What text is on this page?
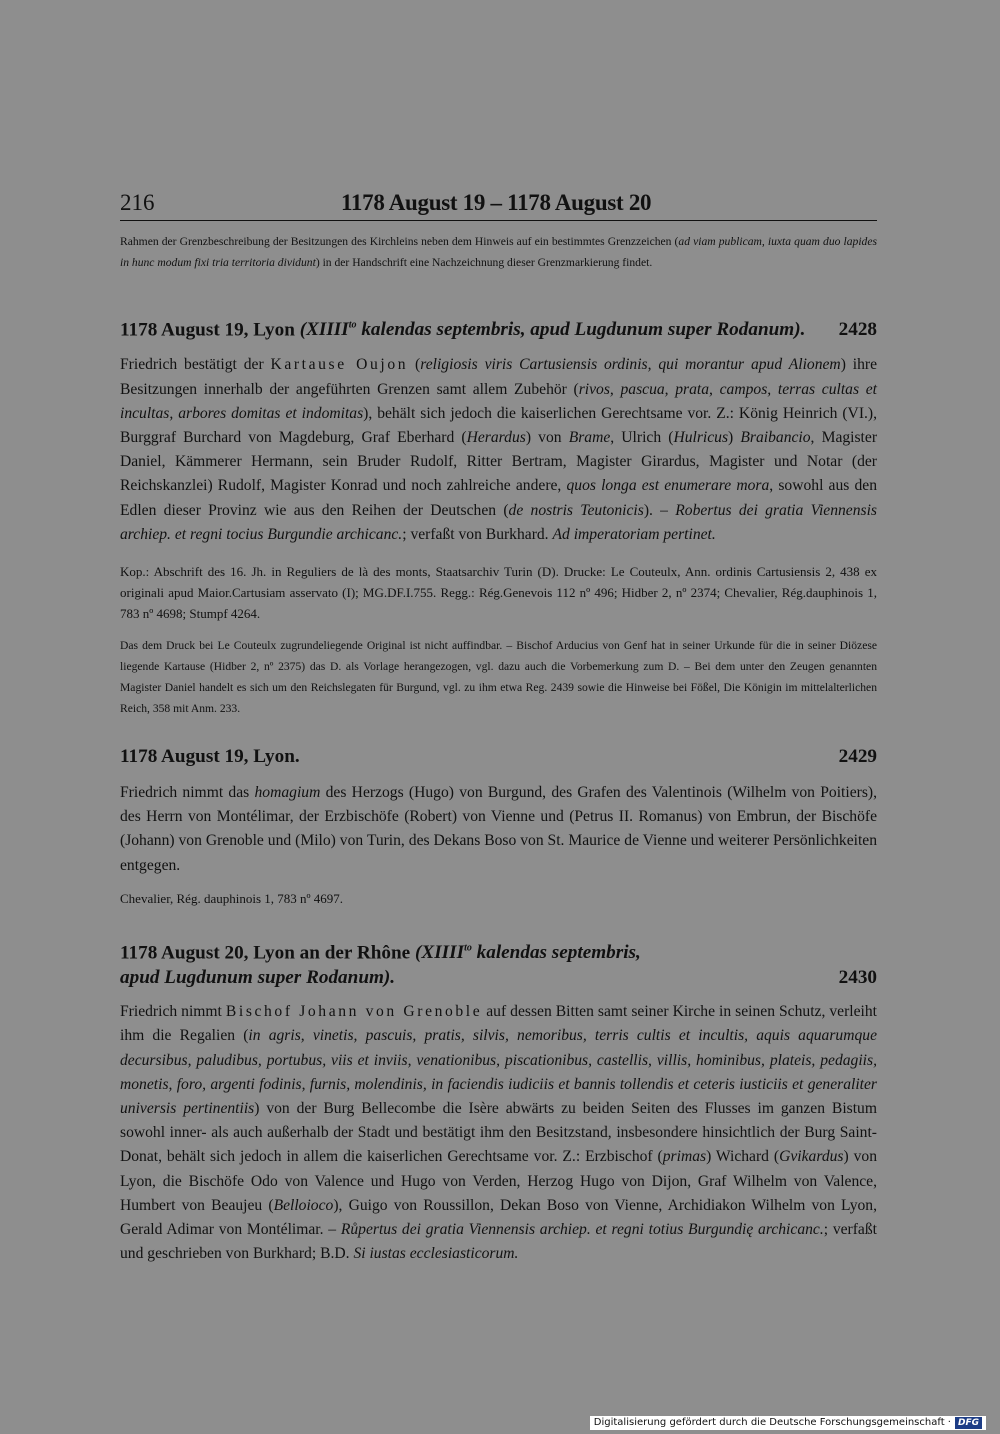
216	1178 August 19 – 1178 August 20

Rahmen der Grenzbeschreibung der Besitzungen des Kirchleins neben dem Hinweis auf ein bestimmtes Grenzzeichen (ad viam publicam, iuxta quam duo lapides in hunc modum fixi tria territoria dividunt) in der Handschrift eine Nachzeichnung dieser Grenzmarkierung findet.

1178 August 19, Lyon ($XIIII^{to}$ kalendas septembris, apud Lugdunum super Rodanum). 2428

Friedrich bestätigt der Kartause Oujon (religiosis viris Cartusiensis ordinis, qui morantur apud Alionem) ihre Besitzungen innerhalb der angeführten Grenzen samt allem Zubehör (rivos, pascua, prata, campos, terras cultas et incultas, arbores domitas et indomitas), behält sich jedoch die kaiserlichen Gerechtsame vor. Z.: König Heinrich (VI.), Burggraf Burchard von Magdeburg, Graf Eberhard (Herardus) von Brame, Ulrich (Hulricus) Braibancio, Magister Daniel, Kämmerer Hermann, sein Bruder Rudolf, Ritter Bertram, Magister Girardus, Magister und Notar (der Reichskanzlei) Rudolf, Magister Konrad und noch zahlreiche andere, quos longa est enumerare mora, sowohl aus den Edlen dieser Provinz wie aus den Reihen der Deutschen (de nostris Teutonicis). – Robertus dei gratia Viennensis archiep. et regni tocius Burgundie archicanc.; verfaßt von Burkhard. Ad imperatoriam pertinet.

Kop.: Abschrift des 16. Jh. in Reguliers de là des monts, Staatsarchiv Turin (D). Drucke: Le Couteulx, Ann. ordinis Cartusiensis 2, 438 ex originali apud Maior.Cartusiam asservato (I); MG.DF.I.755. Regg.: Rég.Genevois 112 nº 496; Hidber 2, nº 2374; Chevalier, Rég.dauphinois 1, 783 nº 4698; Stumpf 4264.

Das dem Druck bei Le Couteulx zugrundeliegende Original ist nicht auffindbar. – Bischof Arducius von Genf hat in seiner Urkunde für die in seiner Diözese liegende Kartause (Hidber 2, nº 2375) das D. als Vorlage herangezogen, vgl. dazu auch die Vorbemerkung zum D. – Bei dem unter den Zeugen genannten Magister Daniel handelt es sich um den Reichslegaten für Burgund, vgl. zu ihm etwa Reg. 2439 sowie die Hinweise bei Fößel, Die Königin im mittelalterlichen Reich, 358 mit Anm. 233.

1178 August 19, Lyon.	2429

Friedrich nimmt das homagium des Herzogs (Hugo) von Burgund, des Grafen des Valentinois (Wilhelm von Poitiers), des Herrn von Montélimar, der Erzbischöfe (Robert) von Vienne und (Petrus II. Romanus) von Embrun, der Bischöfe (Johann) von Grenoble und (Milo) von Turin, des Dekans Boso von St. Maurice de Vienne und weiterer Persönlichkeiten entgegen.

Chevalier, Rég. dauphinois 1, 783 nº 4697.

1178 August 20, Lyon an der Rhône ($XIIII^{to}$ kalendas septembris,
apud Lugdunum super Rodanum).	2430

Friedrich nimmt Bischof Johann von Grenoble auf dessen Bitten samt seiner Kirche in seinen Schutz, verleiht ihm die Regalien (in agris, vinetis, pascuis, pratis, silvis, nemoribus, terris cultis et incultis, aquis aquarumque decursibus, paludibus, portubus, viis et inviis, venationibus, piscationibus, castellis, villis, hominibus, plateis, pedagiis, monetis, foro, argenti fodinis, furnis, molendinis, in faciendis iudiciis et bannis tollendis et ceteris iusticiis et generaliter universis pertinentiis) von der Burg Bellecombe die Isère abwärts zu beiden Seiten des Flusses im ganzen Bistum sowohl inner- als auch außerhalb der Stadt und bestätigt ihm den Besitzstand, insbesondere hinsichtlich der Burg Saint-Donat, behält sich jedoch in allem die kaiserlichen Gerechtsame vor. Z.: Erzbischof (primas) Wichard (Gvikardus) von Lyon, die Bischöfe Odo von Valence und Hugo von Verden, Herzog Hugo von Dijon, Graf Wilhelm von Valence, Humbert von Beaujeu (Belloioco), Guigo von Roussillon, Dekan Boso von Vienne, Archidiakon Wilhelm von Lyon, Gerald Adimar von Montélimar. – Růpertus dei gratia Viennensis archiep. et regni totius Burgundię archicanc.; verfaßt und geschrieben von Burkhard; B.D. Si iustas ecclesiasticorum.

Digitalisierung gefördert durch die Deutsche Forschungsgemeinschaft · DFG
